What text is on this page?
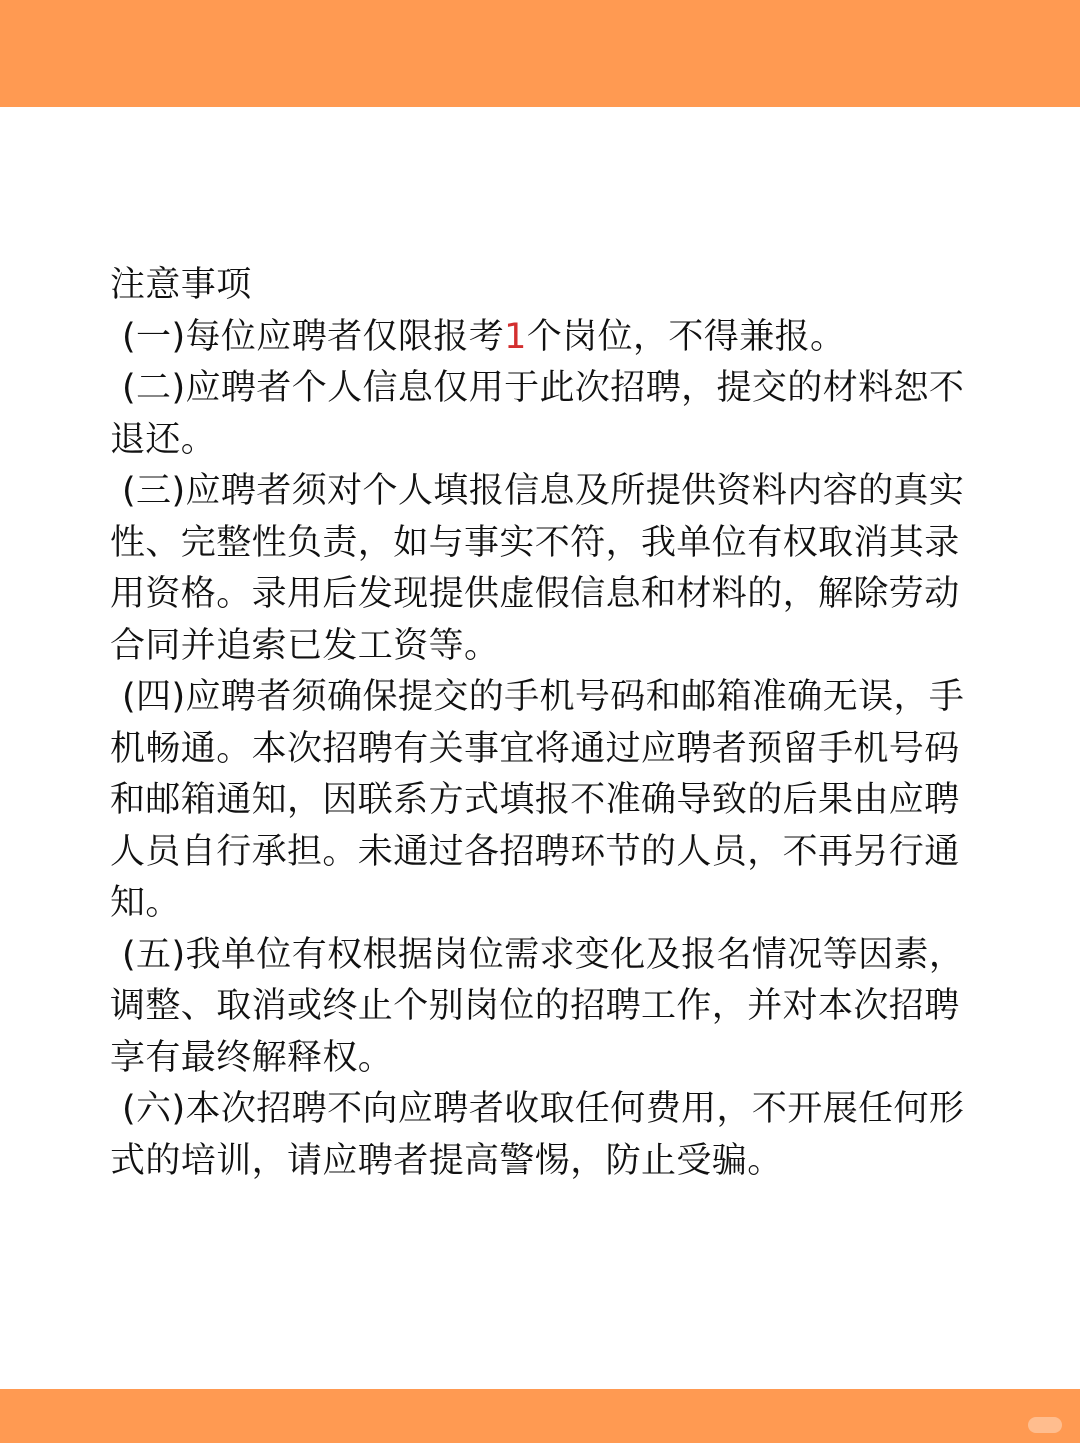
注意事项

(一)每位应聘者仅限报考1个岗位，不得兼报。

(二)应聘者个人信息仅用于此次招聘，提交的材料恕不退还。

(三)应聘者须对个人填报信息及所提供资料内容的真实性、完整性负责，如与事实不符，我单位有权取消其录用资格。录用后发现提供虚假信息和材料的，解除劳动合同并追索已发工资等。

(四)应聘者须确保提交的手机号码和邮箱准确无误，手机畅通。本次招聘有关事宜将通过应聘者预留手机号码和邮箱通知，因联系方式填报不准确导致的后果由应聘人员自行承担。未通过各招聘环节的人员，不再另行通知。

(五)我单位有权根据岗位需求变化及报名情况等因素，调整、取消或终止个别岗位的招聘工作，并对本次招聘享有最终解释权。

(六)本次招聘不向应聘者收取任何费用，不开展任何形式的培训，请应聘者提高警惕，防止受骗。
